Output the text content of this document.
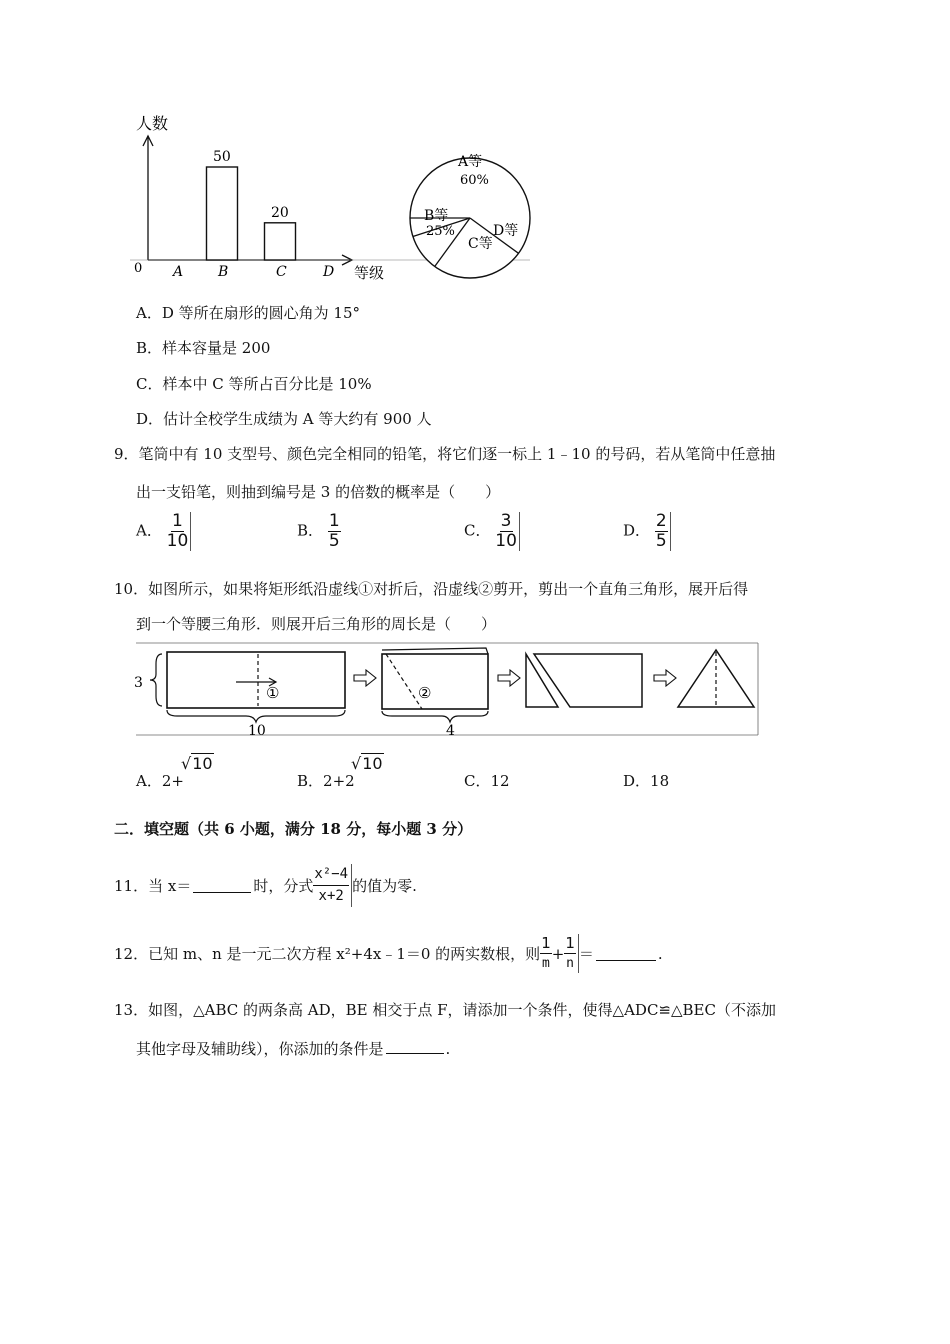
人数
0	等级
A B
50
C
20
D
A等
60%
B等
25%
C等
D等
A．D 等所在扇形的圆心角为 15°
B．样本容量是 200
C．样本中 C 等所占百分比是 10%
D．估计全校学生成绩为 A 等大约有 900 人
9．笔筒中有 10 支型号、颜色完全相同的铅笔，将它们逐一标上 1﹣10 的号码，若从笔筒中任意抽
出一支铅笔，则抽到编号是 3 的倍数的概率是（　　）
A． $\frac{1}{10}$	B． $\frac{1}{5}$	C． $\frac{3}{10}$	D． $\frac{2}{5}$
10．如图所示，如果将矩形纸沿虚线①对折后，沿虚线②剪开，剪出一个直角三角形，展开后得
到一个等腰三角形．则展开后三角形的周长是（　　）
3
①
10
②
4
A．2+
√10
B．2+2
√10
C．12	D．18
二．填空题（共 6 小题，满分 18 分，每小题 3 分）
11．当 x＝	时，分式 $\frac{\text{x²−4}}{x+2}$ 的值为零.
12．已知 m、n 是一元二次方程 x²+4x﹣1＝0 的两实数根，则 $\frac{1}{m} + \frac{1}{n}$ ＝	.
13．如图，△ABC 的两条高 AD，BE 相交于点 F，请添加一个条件，使得△ADC≌△BEC（不添加
其他字母及辅助线），你添加的条件是	.
